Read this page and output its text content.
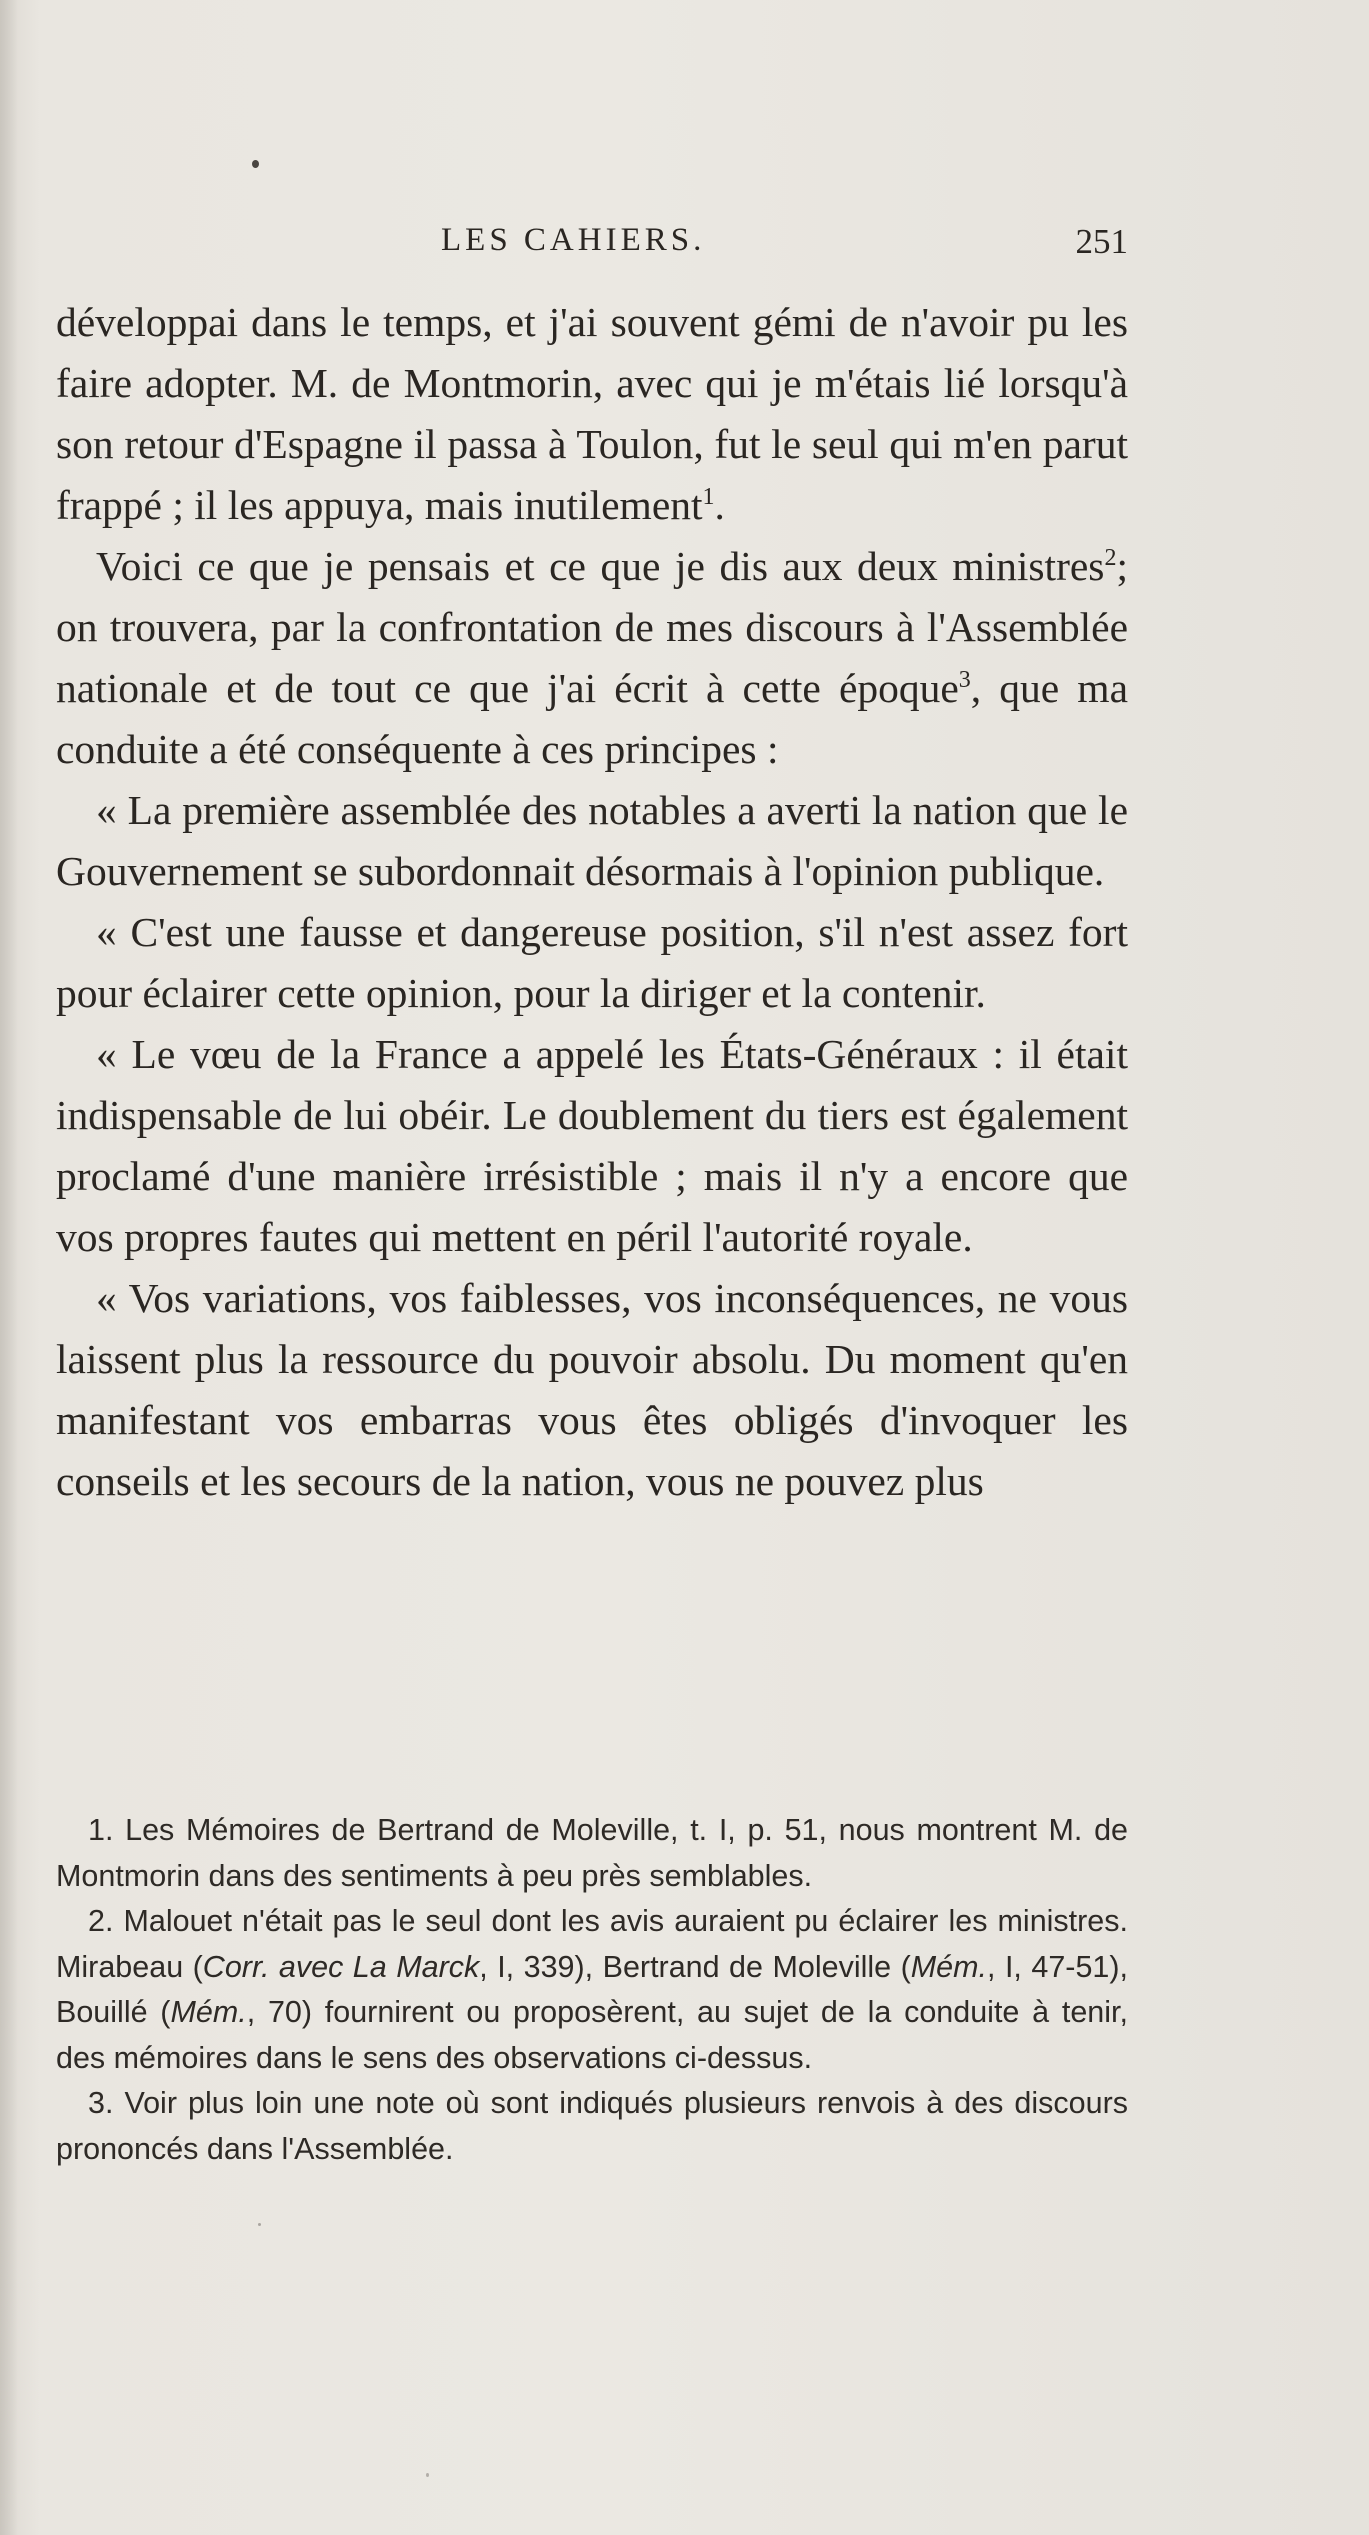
LES CAHIERS.	251

développai dans le temps, et j'ai souvent gémi de n'avoir pu les faire adopter. M. de Montmorin, avec qui je m'étais lié lorsqu'à son retour d'Espagne il passa à Toulon, fut le seul qui m'en parut frappé ; il les appuya, mais inutilement$^1$.

Voici ce que je pensais et ce que je dis aux deux ministres$^2$; on trouvera, par la confrontation de mes discours à l'Assemblée nationale et de tout ce que j'ai écrit à cette époque$^3$, que ma conduite a été conséquente à ces principes :

« La première assemblée des notables a averti la nation que le Gouvernement se subordonnait désormais à l'opinion publique.

« C'est une fausse et dangereuse position, s'il n'est assez fort pour éclairer cette opinion, pour la diriger et la contenir.

« Le vœu de la France a appelé les États-Généraux : il était indispensable de lui obéir. Le doublement du tiers est également proclamé d'une manière irrésistible ; mais il n'y a encore que vos propres fautes qui mettent en péril l'autorité royale.

« Vos variations, vos faiblesses, vos inconséquences, ne vous laissent plus la ressource du pouvoir absolu. Du moment qu'en manifestant vos embarras vous êtes obligés d'invoquer les conseils et les secours de la nation, vous ne pouvez plus

1. Les Mémoires de Bertrand de Moleville, t. I, p. 51, nous montrent M. de Montmorin dans des sentiments à peu près semblables.

2. Malouet n'était pas le seul dont les avis auraient pu éclairer les ministres. Mirabeau (Corr. avec La Marck, I, 339), Bertrand de Moleville (Mém., I, 47-51), Bouillé (Mém., 70) fournirent ou proposèrent, au sujet de la conduite à tenir, des mémoires dans le sens des observations ci-dessus.

3. Voir plus loin une note où sont indiqués plusieurs renvois à des discours prononcés dans l'Assemblée.
